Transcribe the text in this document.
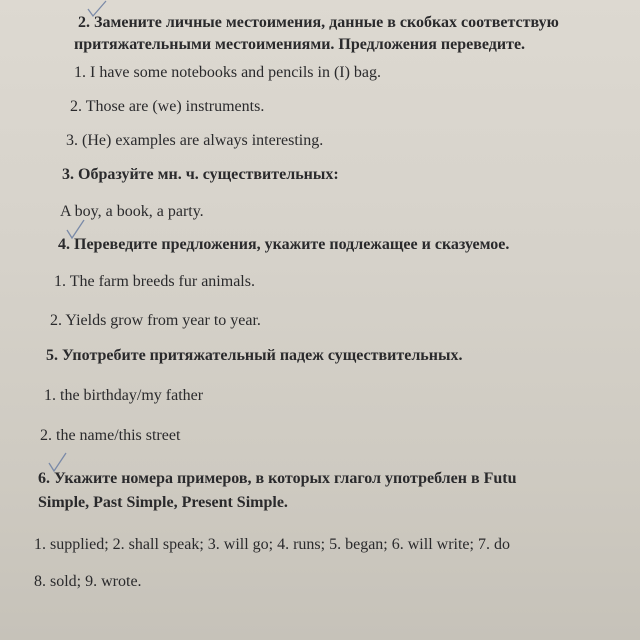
2. Замените личные местоимения, данные в скобках соответствую
притяжательными местоимениями. Предложения переведите.
1. I have some notebooks and pencils in (I) bag.
2. Those are (we) instruments.
3. (He) examples are always interesting.
3. Образуйте мн. ч. существительных:
A boy, a book, a party.
4. Переведите предложения, укажите подлежащее и сказуемое.
1. The farm breeds fur animals.
2. Yields grow from year to year.
5. Употребите притяжательный падеж существительных.
1. the birthday/my father
2. the name/this street
6. Укажите номера примеров, в которых глагол употреблен в Futu
Simple, Past Simple, Present Simple.
1. supplied; 2. shall speak; 3. will go; 4. runs; 5. began; 6. will write; 7. do
8. sold; 9. wrote.
